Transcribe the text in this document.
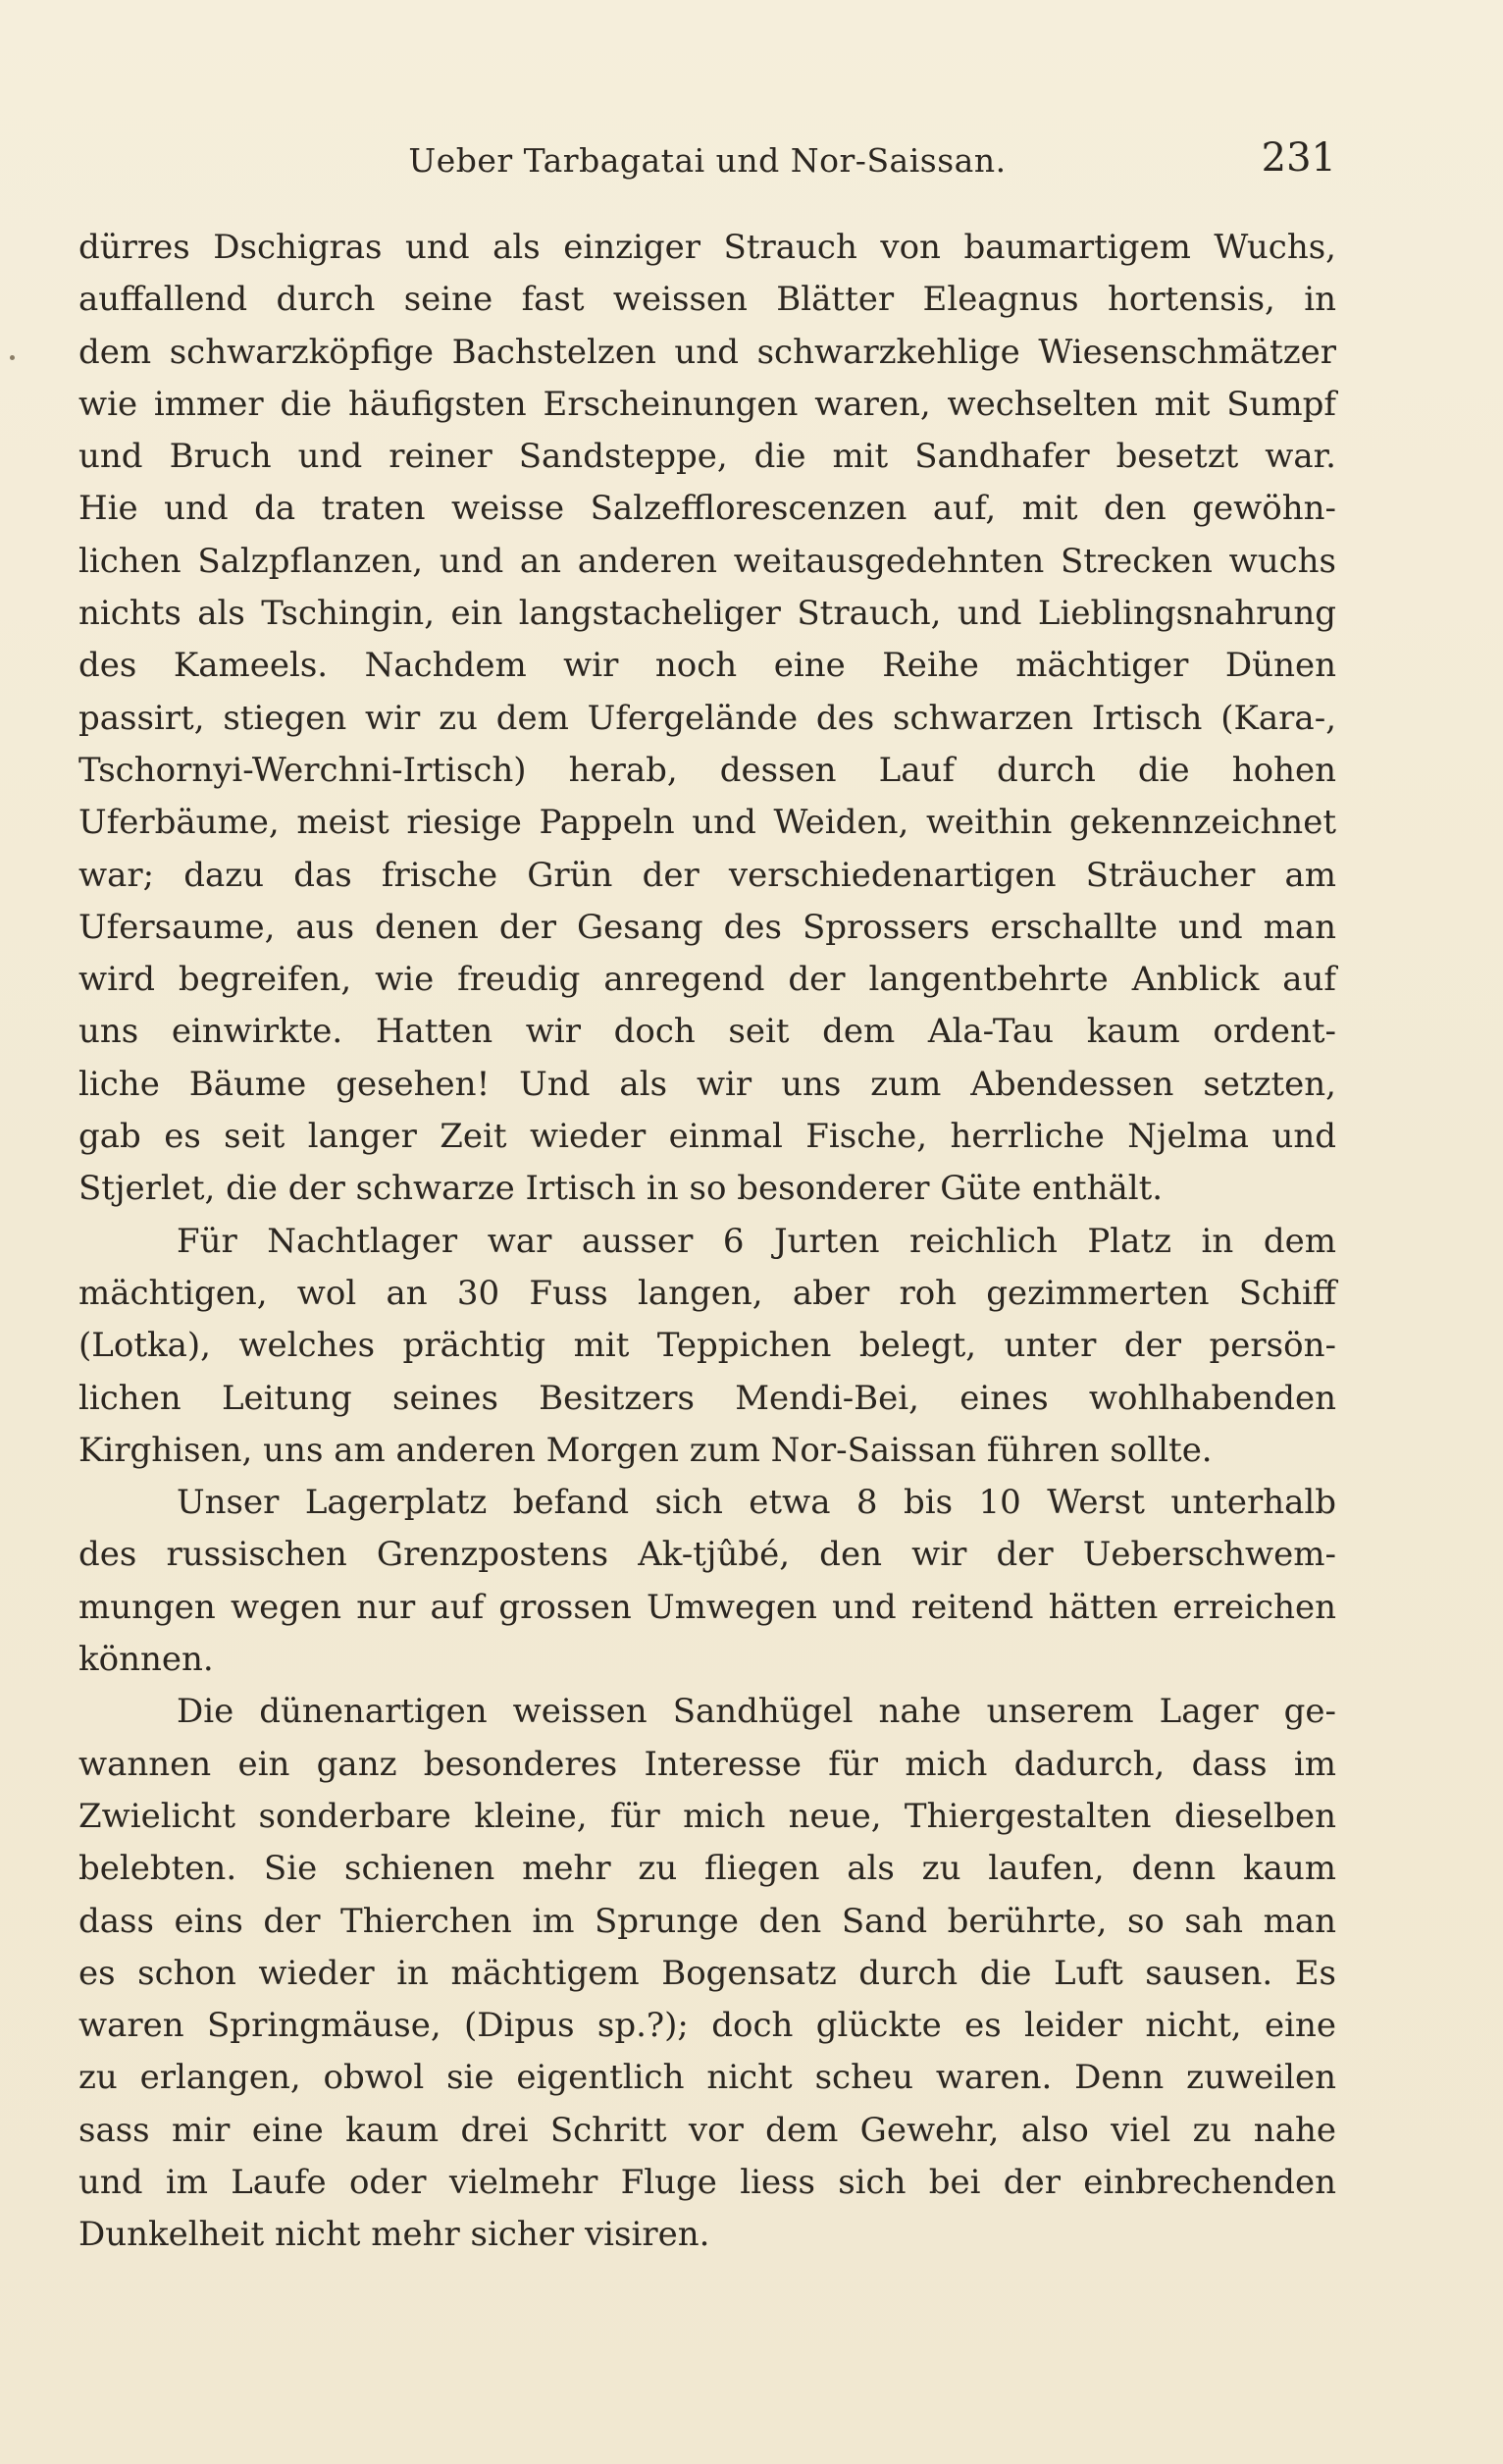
Ueber Tarbagatai und Nor-Saissan.	231
dürres Dschigras und als einziger Strauch von baumartigem Wuchs,
auffallend durch seine fast weissen Blätter Eleagnus hortensis, in
dem schwarzköpfige Bachstelzen und schwarzkehlige Wiesenschmätzer
wie immer die häufigsten Erscheinungen waren, wechselten mit Sumpf
und Bruch und reiner Sandsteppe, die mit Sandhafer besetzt war.
Hie und da traten weisse Salzefflorescenzen auf, mit den gewöhn-
lichen Salzpflanzen, und an anderen weitausgedehnten Strecken wuchs
nichts als Tschingin, ein langstacheliger Strauch, und Lieblingsnahrung
des Kameels. Nachdem wir noch eine Reihe mächtiger Dünen
passirt, stiegen wir zu dem Ufergelände des schwarzen Irtisch (Kara-,
Tschornyi-Werchni-Irtisch) herab, dessen Lauf durch die hohen
Uferbäume, meist riesige Pappeln und Weiden, weithin gekennzeichnet
war; dazu das frische Grün der verschiedenartigen Sträucher am
Ufersaume, aus denen der Gesang des Sprossers erschallte und man
wird begreifen, wie freudig anregend der langentbehrte Anblick auf
uns einwirkte. Hatten wir doch seit dem Ala-Tau kaum ordent-
liche Bäume gesehen! Und als wir uns zum Abendessen setzten,
gab es seit langer Zeit wieder einmal Fische, herrliche Njelma und
Stjerlet, die der schwarze Irtisch in so besonderer Güte enthält.
Für Nachtlager war ausser 6 Jurten reichlich Platz in dem
mächtigen, wol an 30 Fuss langen, aber roh gezimmerten Schiff
(Lotka), welches prächtig mit Teppichen belegt, unter der persön-
lichen Leitung seines Besitzers Mendi-Bei, eines wohlhabenden
Kirghisen, uns am anderen Morgen zum Nor-Saissan führen sollte.
Unser Lagerplatz befand sich etwa 8 bis 10 Werst unterhalb
des russischen Grenzpostens Ak-tjûbé, den wir der Ueberschwem-
mungen wegen nur auf grossen Umwegen und reitend hätten erreichen
können.
Die dünenartigen weissen Sandhügel nahe unserem Lager ge-
wannen ein ganz besonderes Interesse für mich dadurch, dass im
Zwielicht sonderbare kleine, für mich neue, Thiergestalten dieselben
belebten. Sie schienen mehr zu fliegen als zu laufen, denn kaum
dass eins der Thierchen im Sprunge den Sand berührte, so sah man
es schon wieder in mächtigem Bogensatz durch die Luft sausen. Es
waren Springmäuse, (Dipus sp.?); doch glückte es leider nicht, eine
zu erlangen, obwol sie eigentlich nicht scheu waren. Denn zuweilen
sass mir eine kaum drei Schritt vor dem Gewehr, also viel zu nahe
und im Laufe oder vielmehr Fluge liess sich bei der einbrechenden
Dunkelheit nicht mehr sicher visiren.
